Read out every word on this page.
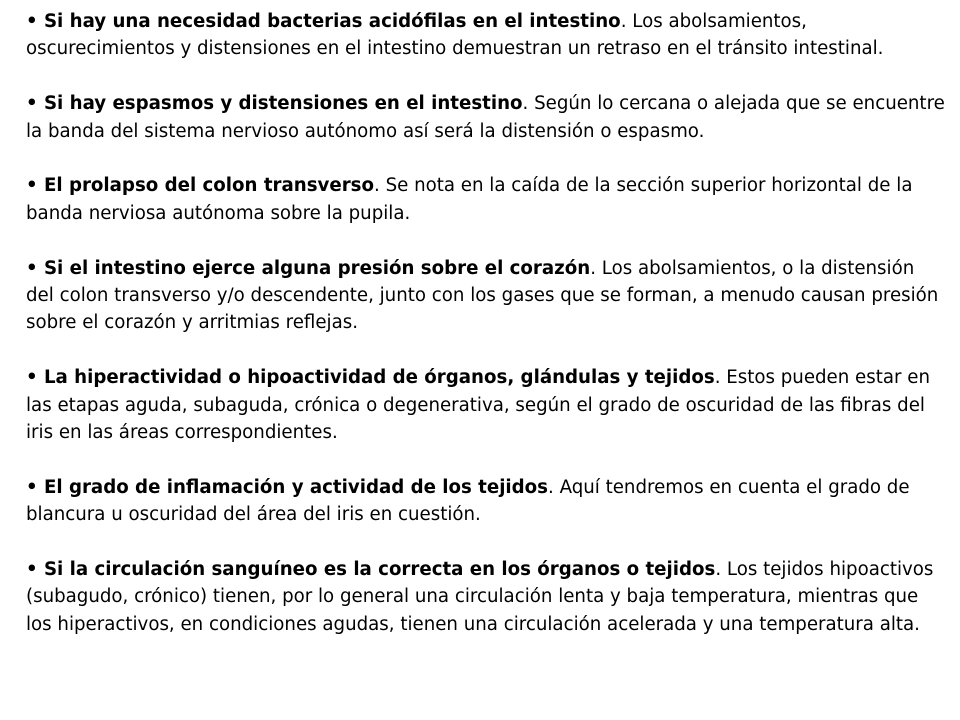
• Si hay una necesidad bacterias acidófilas en el intestino. Los abolsamientos, oscurecimientos y distensiones en el intestino demuestran un retraso en el tránsito intestinal.

• Si hay espasmos y distensiones en el intestino. Según lo cercana o alejada que se encuentre la banda del sistema nervioso autónomo así será la distensión o espasmo.

• El prolapso del colon transverso. Se nota en la caída de la sección superior horizontal de la banda nerviosa autónoma sobre la pupila.

• Si el intestino ejerce alguna presión sobre el corazón. Los abolsamientos, o la distensión del colon transverso y/o descendente, junto con los gases que se forman, a menudo causan presión sobre el corazón y arritmias reflejas.

• La hiperactividad o hipoactividad de órganos, glándulas y tejidos. Estos pueden estar en las etapas aguda, subaguda, crónica o degenerativa, según el grado de oscuridad de las fibras del iris en las áreas correspondientes.

• El grado de inflamación y actividad de los tejidos. Aquí tendremos en cuenta el grado de blancura u oscuridad del área del iris en cuestión.

• Si la circulación sanguíneo es la correcta en los órganos o tejidos. Los tejidos hipoactivos (subagudo, crónico) tienen, por lo general una circulación lenta y baja temperatura, mientras que los hiperactivos, en condiciones agudas, tienen una circulación acelerada y una temperatura alta.
